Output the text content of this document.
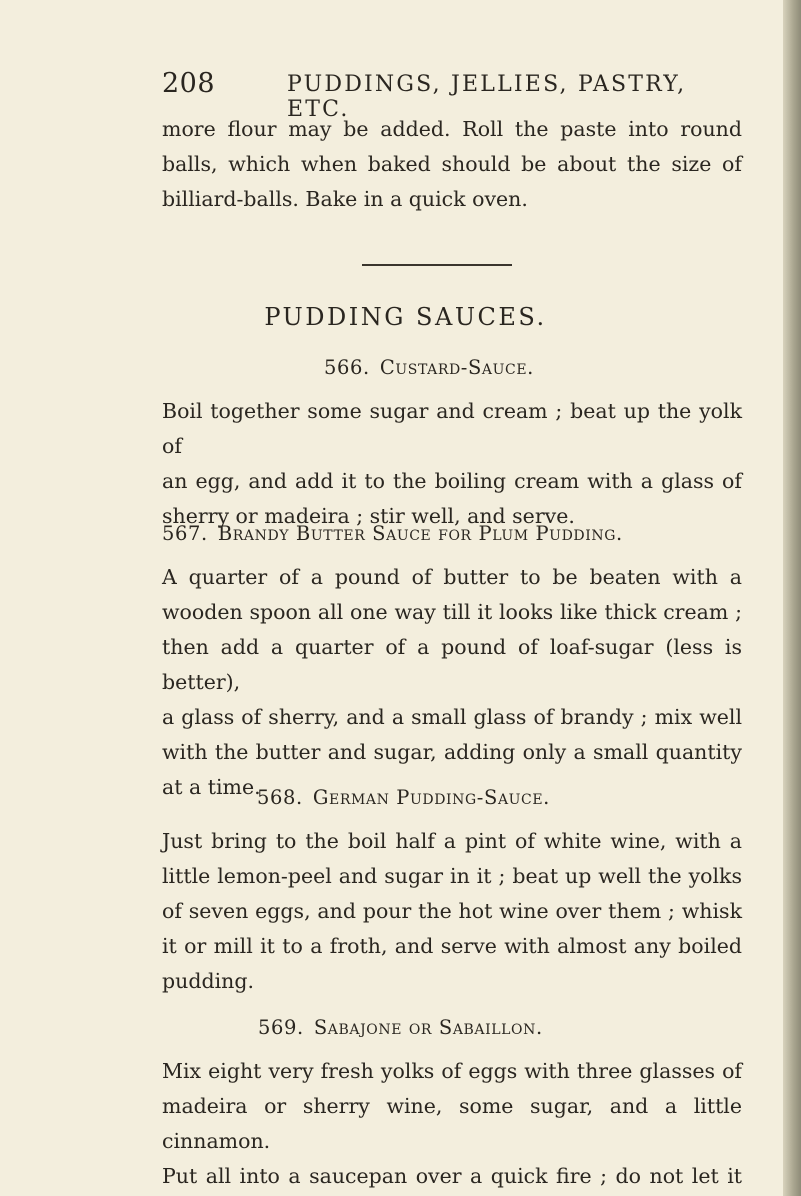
208	PUDDINGS, JELLIES, PASTRY, ETC.

more flour may be added. Roll the paste into round

balls, which when baked should be about the size of

billiard-balls. Bake in a quick oven.

PUDDING SAUCES.
566. Custard-Sauce.

Boil together some sugar and cream ; beat up the yolk of

an egg, and add it to the boiling cream with a glass of

sherry or madeira ; stir well, and serve.

567. Brandy Butter Sauce for Plum Pudding.

A quarter of a pound of butter to be beaten with a

wooden spoon all one way till it looks like thick cream ;

then add a quarter of a pound of loaf-sugar (less is better),

a glass of sherry, and a small glass of brandy ; mix well

with the butter and sugar, adding only a small quantity

at a time.

568. German Pudding-Sauce.

Just bring to the boil half a pint of white wine, with a

little lemon-peel and sugar in it ; beat up well the yolks

of seven eggs, and pour the hot wine over them ; whisk

it or mill it to a froth, and serve with almost any boiled

pudding.

569. Sabajone or Sabaillon.

Mix eight very fresh yolks of eggs with three glasses of

madeira or sherry wine, some sugar, and a little cinnamon.

Put all into a saucepan over a quick fire ; do not let it
